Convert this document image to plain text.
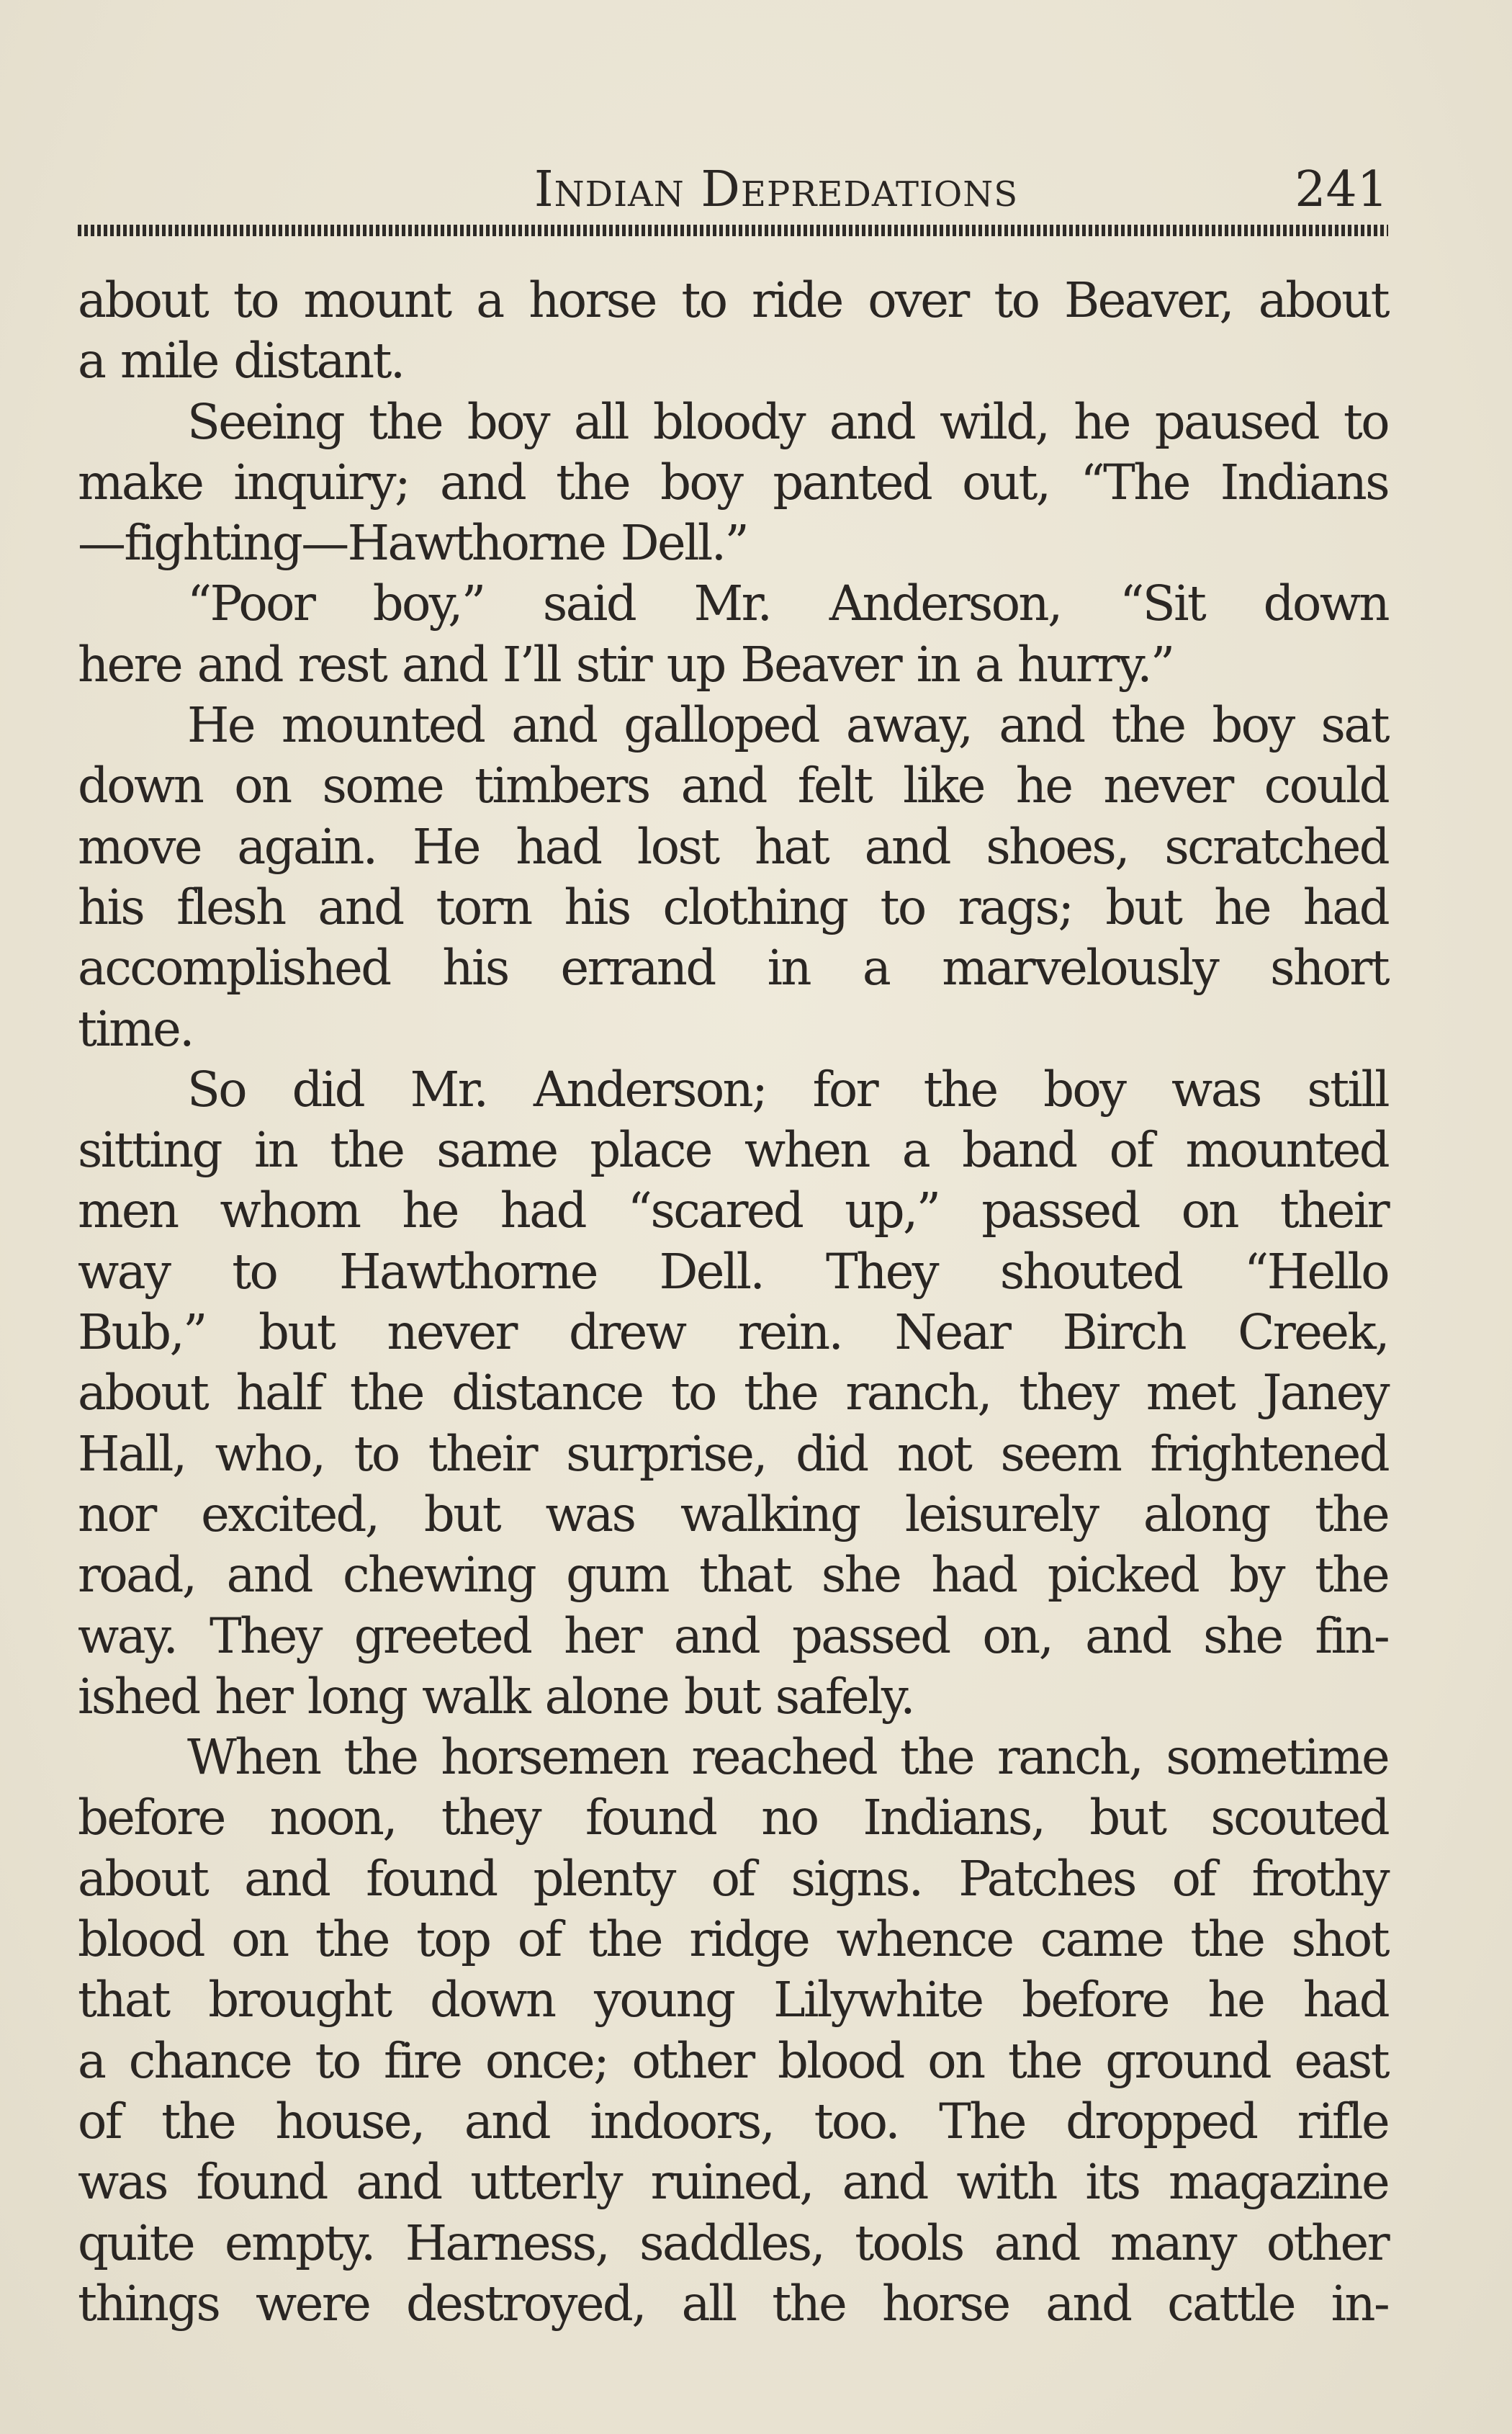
Indian Depredations	241
about to mount a horse to ride over to Beaver, about
a mile distant.
Seeing the boy all bloody and wild, he paused to
make inquiry; and the boy panted out, “The Indians
—fighting—Hawthorne Dell.”
“Poor boy,” said Mr. Anderson, “Sit down
here and rest and I’ll stir up Beaver in a hurry.”
He mounted and galloped away, and the boy sat
down on some timbers and felt like he never could
move again. He had lost hat and shoes, scratched
his flesh and torn his clothing to rags; but he had
accomplished his errand in a marvelously short
time.
So did Mr. Anderson; for the boy was still
sitting in the same place when a band of mounted
men whom he had “scared up,” passed on their
way to Hawthorne Dell. They shouted “Hello
Bub,” but never drew rein. Near Birch Creek,
about half the distance to the ranch, they met Janey
Hall, who, to their surprise, did not seem frightened
nor excited, but was walking leisurely along the
road, and chewing gum that she had picked by the
way. They greeted her and passed on, and she fin-
ished her long walk alone but safely.
When the horsemen reached the ranch, sometime
before noon, they found no Indians, but scouted
about and found plenty of signs. Patches of frothy
blood on the top of the ridge whence came the shot
that brought down young Lilywhite before he had
a chance to fire once; other blood on the ground east
of the house, and indoors, too. The dropped rifle
was found and utterly ruined, and with its magazine
quite empty. Harness, saddles, tools and many other
things were destroyed, all the horse and cattle in-
